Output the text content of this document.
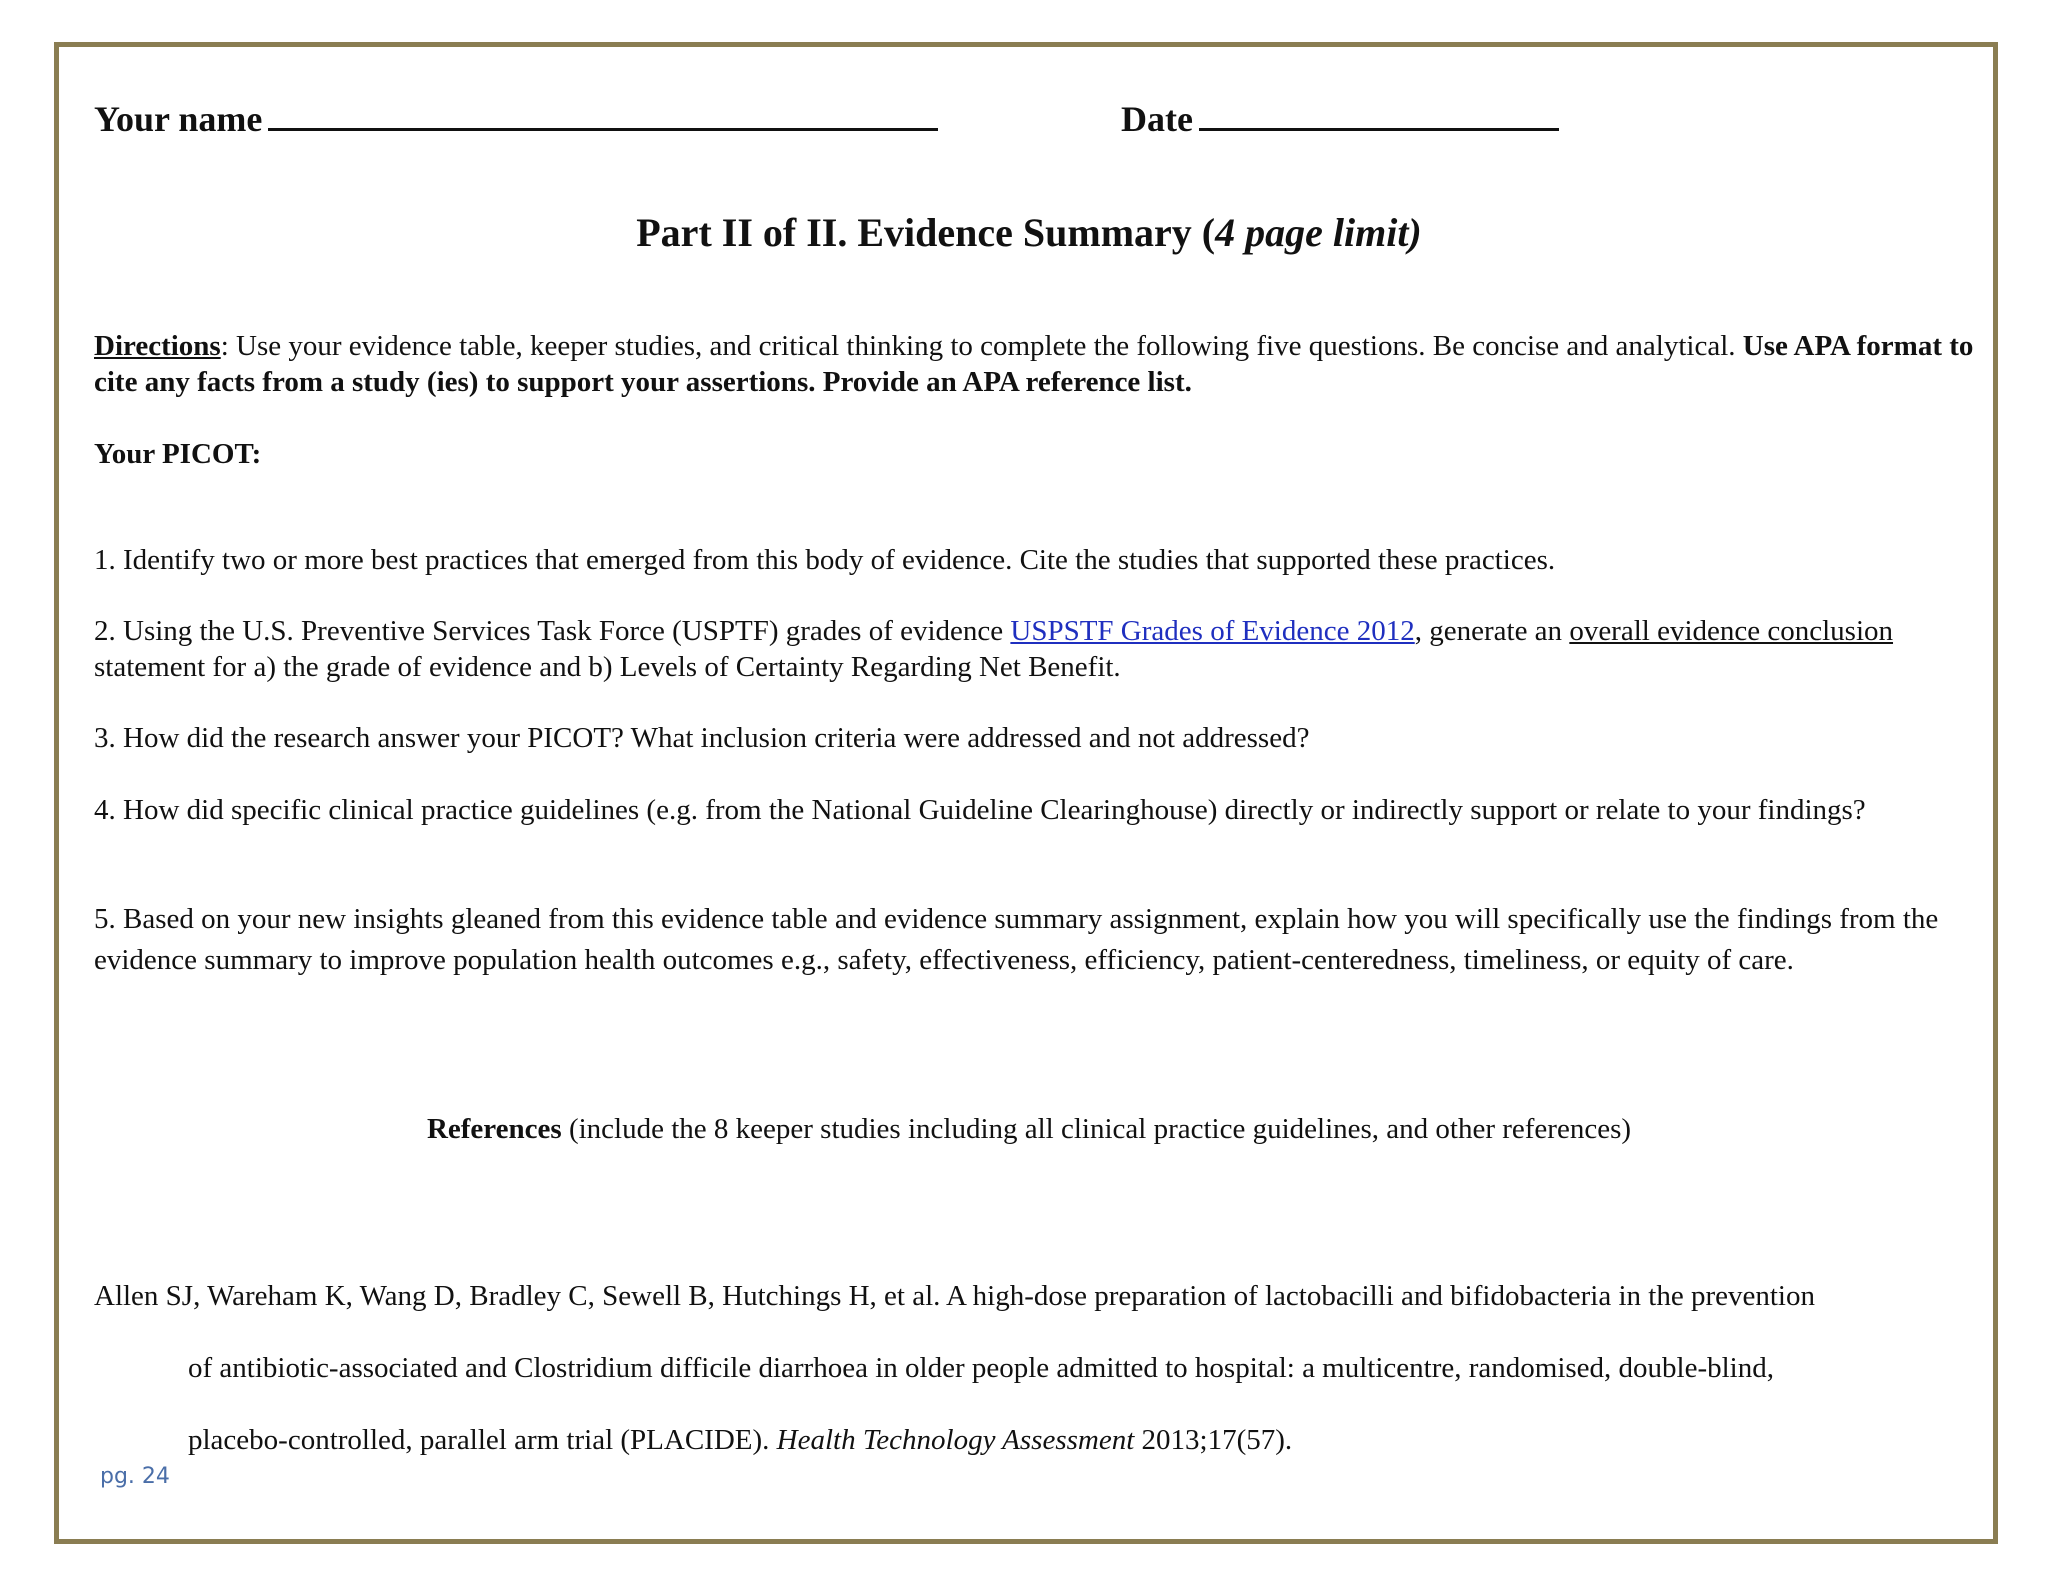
Your name	Date
Part II of II. Evidence Summary (4 page limit)
Directions: Use your evidence table, keeper studies, and critical thinking to complete the following five questions. Be concise and analytical. Use APA format to cite any facts from a study (ies) to support your assertions. Provide an APA reference list.
Your PICOT:
1. Identify two or more best practices that emerged from this body of evidence. Cite the studies that supported these practices.
2. Using the U.S. Preventive Services Task Force (USPTF) grades of evidence USPSTF Grades of Evidence 2012, generate an overall evidence conclusion statement for a) the grade of evidence and b) Levels of Certainty Regarding Net Benefit.
3. How did the research answer your PICOT? What inclusion criteria were addressed and not addressed?
4. How did specific clinical practice guidelines (e.g. from the National Guideline Clearinghouse) directly or indirectly support or relate to your findings?
5. Based on your new insights gleaned from this evidence table and evidence summary assignment, explain how you will specifically use the findings from the evidence summary to improve population health outcomes e.g., safety, effectiveness, efficiency, patient-centeredness, timeliness, or equity of care.
References (include the 8 keeper studies including all clinical practice guidelines, and other references)
Allen SJ, Wareham K, Wang D, Bradley C, Sewell B, Hutchings H, et al. A high-dose preparation of lactobacilli and bifidobacteria in the prevention
of antibiotic-associated and Clostridium difficile diarrhoea in older people admitted to hospital: a multicentre, randomised, double-blind,
placebo-controlled, parallel arm trial (PLACIDE). Health Technology Assessment 2013;17(57).
pg. 24
